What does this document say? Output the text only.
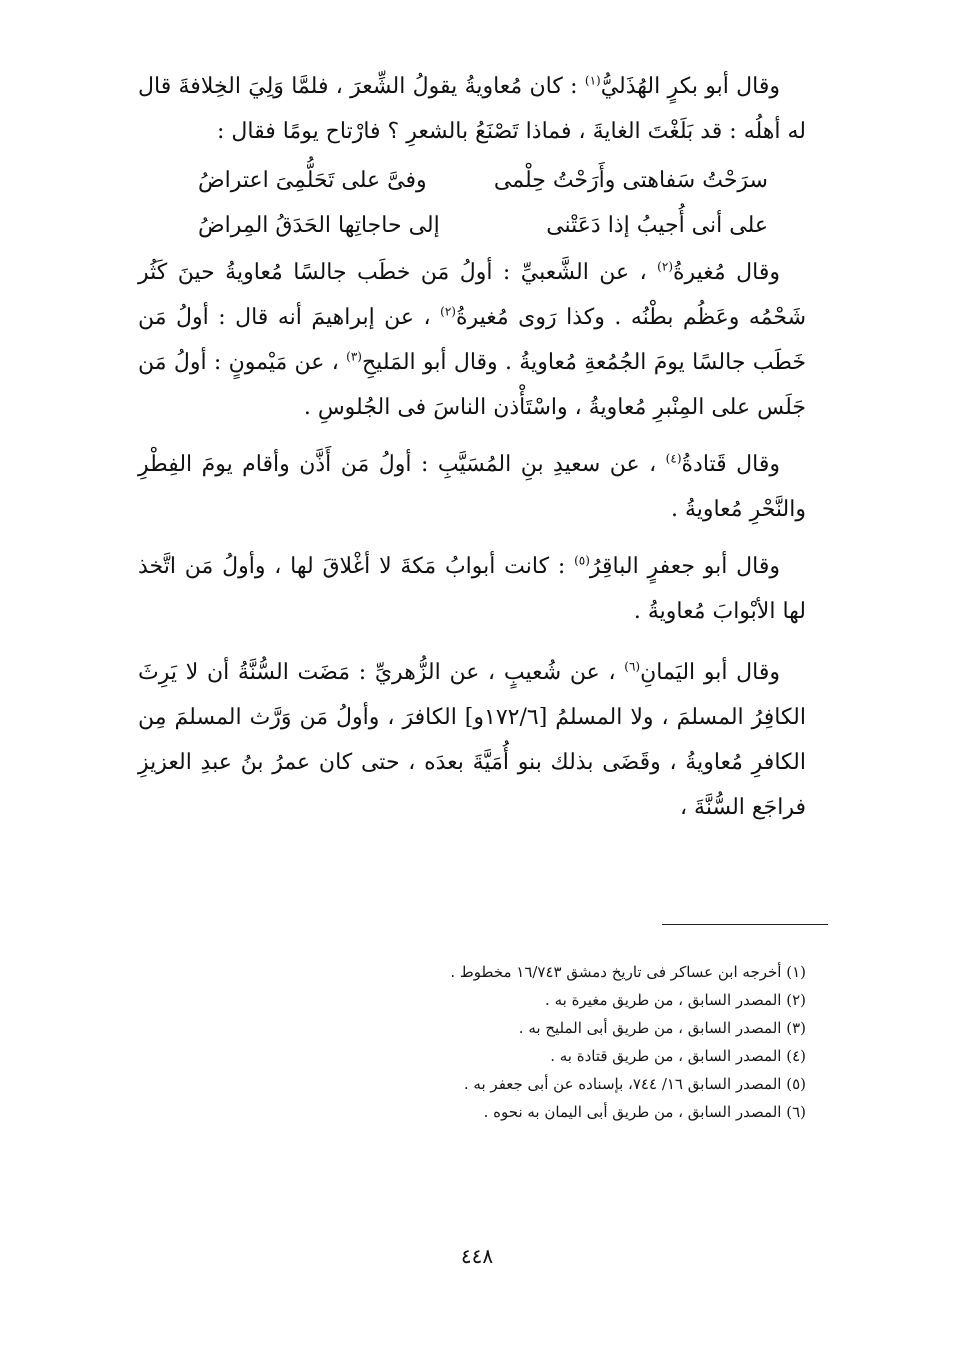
وقال أبو بكرٍ الهُذَليُّ$^{(١)}$ : كان مُعاويةُ يقولُ الشِّعرَ ، فلمَّا وَلِيَ الخِلافةَ قال له أهلُه : قد بَلَغْتَ الغايةَ ، فماذا تَصْنَعُ بالشعرِ ؟ فارْتاح يومًا فقال :

سرَحْتُ سَفاهتى وأَرَحْتُ حِلْمى
وفىَّ على تَحَلُّمِىَ اعتراضُ
على أنى أُجيبُ إذا دَعَتْنى
إلى حاجاتِها الحَدَقُ المِراضُ

وقال مُغيرةُ$^{(٢)}$ ، عن الشَّعبيِّ : أولُ مَن خطَب جالسًا مُعاويةُ حينَ كَثُر شَحْمُه وعَظُم بطْنُه . وكذا رَوى مُغيرةُ$^{(٢)}$ ، عن إبراهيمَ أنه قال : أولُ مَن خَطَب جالسًا يومَ الجُمُعةِ مُعاويةُ . وقال أبو المَليحِ$^{(٣)}$ ، عن مَيْمونٍ : أولُ مَن جَلَس على المِنْبرِ مُعاويةُ ، واسْتَأْذن الناسَ فى الجُلوسِ .

وقال قَتادةُ$^{(٤)}$ ، عن سعيدِ بنِ المُسَيَّبِ : أولُ مَن أَذَّن وأقام يومَ الفِطْرِ والنَّحْرِ مُعاويةُ .

وقال أبو جعفرٍ الباقِرُ$^{(٥)}$ : كانت أبوابُ مَكةَ لا أغْلاقَ لها ، وأولُ مَن اتَّخذ لها الأبْوابَ مُعاويةُ .

وقال أبو اليَمانِ$^{(٦)}$ ، عن شُعيبٍ ، عن الزُّهريِّ : مَضَت السُّنَّةُ أن لا يَرِثَ الكافِرُ المسلمَ ، ولا المسلمُ [١٧٢/٦و] الكافرَ ، وأولُ مَن وَرَّث المسلمَ مِن الكافرِ مُعاويةُ ، وقَضَى بذلك بنو أُمَيَّةَ بعدَه ، حتى كان عمرُ بنُ عبدِ العزيزِ فراجَع السُّنَّةَ ،

(١) أخرجه ابن عساكر فى تاريخ دمشق ١٦/٧٤٣ مخطوط .
(٢) المصدر السابق ، من طريق مغيرة به .
(٣) المصدر السابق ، من طريق أبى المليح به .
(٤) المصدر السابق ، من طريق قتادة به .
(٥) المصدر السابق ١٦/ ٧٤٤، بإسناده عن أبى جعفر به .
(٦) المصدر السابق ، من طريق أبى اليمان به نحوه .
٤٤٨
